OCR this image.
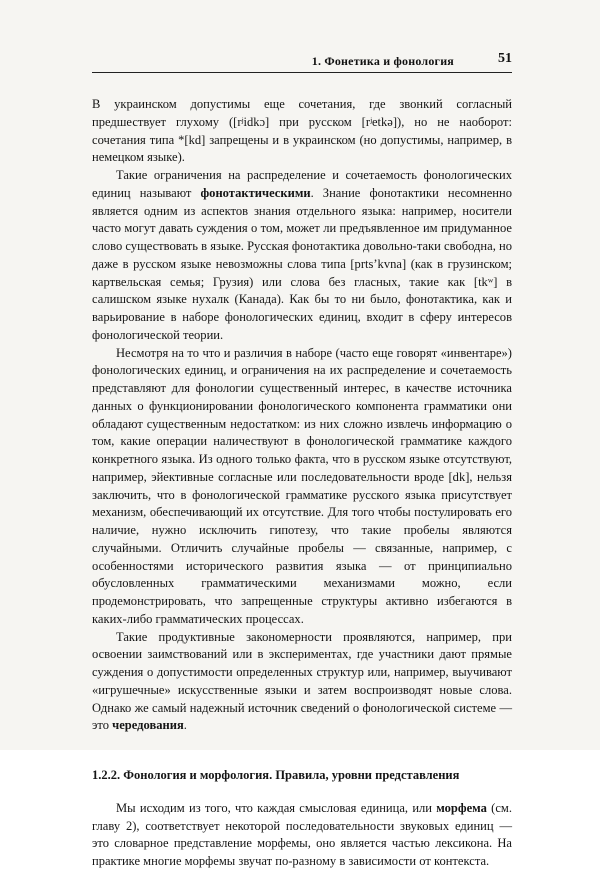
1. Фонетика и фонология	51

В украинском допустимы еще сочетания, где звонкий согласный предшествует глухому ([rʲidkɔ] при русском [rʲetkə]), но не наоборот: сочетания типа *[kd] запрещены и в украинском (но допустимы, например, в немецком языке).

Такие ограничения на распределение и сочетаемость фонологических единиц называют фонотактическими. Знание фонотактики несомненно является одним из аспектов знания отдельного языка: например, носители часто могут давать суждения о том, может ли предъявленное им придуманное слово существовать в языке. Русская фонотактика довольно-таки свободна, но даже в русском языке невозможны слова типа [prtsʼkvna] (как в грузинском; картвельская семья; Грузия) или слова без гласных, такие как [tkʷ] в салишском языке нухалк (Канада). Как бы то ни было, фонотактика, как и варьирование в наборе фонологических единиц, входит в сферу интересов фонологической теории.

Несмотря на то что и различия в наборе (часто еще говорят «инвентаре») фонологических единиц, и ограничения на их распределение и сочетаемость представляют для фонологии существенный интерес, в качестве источника данных о функционировании фонологического компонента грамматики они обладают существенным недостатком: из них сложно извлечь информацию о том, какие операции наличествуют в фонологической грамматике каждого конкретного языка. Из одного только факта, что в русском языке отсутствуют, например, эйективные согласные или последовательности вроде [dk], нельзя заключить, что в фонологической грамматике русского языка присутствует механизм, обеспечивающий их отсутствие. Для того чтобы постулировать его наличие, нужно исключить гипотезу, что такие пробелы являются случайными. Отличить случайные пробелы — связанные, например, с особенностями исторического развития языка — от принципиально обусловленных грамматическими механизмами можно, если продемонстрировать, что запрещенные структуры активно избегаются в каких-либо грамматических процессах.

Такие продуктивные закономерности проявляются, например, при освоении заимствований или в экспериментах, где участники дают прямые суждения о допустимости определенных структур или, например, выучивают «игрушечные» искусственные языки и затем воспроизводят новые слова. Однако же самый надежный источник сведений о фонологической системе — это чередования.

1.2.2. Фонология и морфология. Правила, уровни представления

Мы исходим из того, что каждая смысловая единица, или морфема (см. главу 2), соответствует некоторой последовательности звуковых единиц — это словарное представление морфемы, оно является частью лексикона. На практике многие морфемы звучат по-разному в зависимости от контекста.
